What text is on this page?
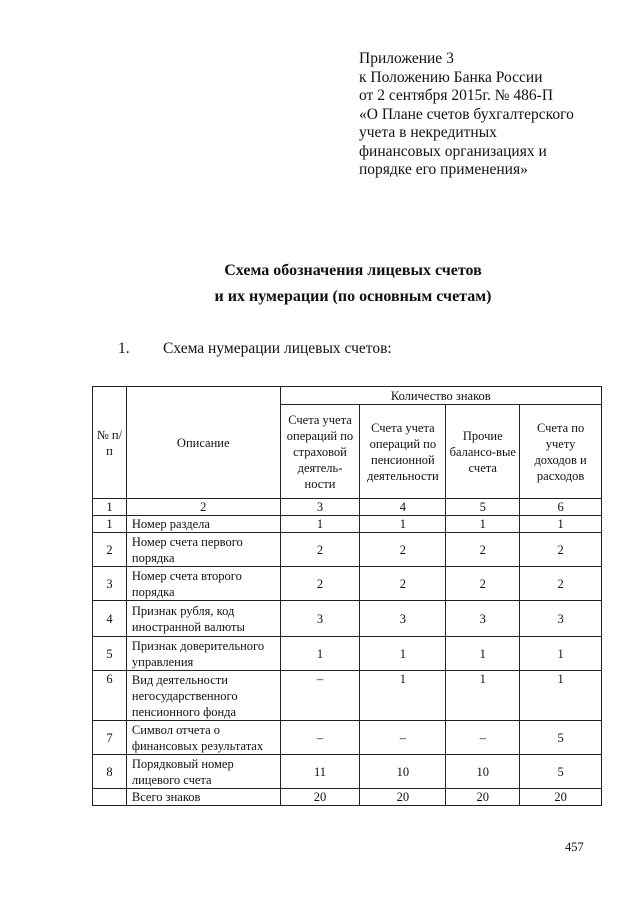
Приложение 3
к Положению Банка России
от 2 сентября 2015г. № 486-П
«О Плане счетов бухгалтерского
учета в некредитных
финансовых организациях и
порядке его применения»
Схема обозначения лицевых счетов
и их нумерации (по основным счетам)
1. Схема нумерации лицевых счетов:
№ п/п	Описание	Количество знаков			
		Счета учета операций по страховой деятель-ности	Счета учета операций по пенсионной деятельности	Прочие балансо-вые счета	Счета по учету доходов и расходов
1	2	3	4	5	6
1	Номер раздела	1	1	1	1
2	Номер счета первого порядка	2	2	2	2
3	Номер счета второго порядка	2	2	2	2
4	Признак рубля, код иностранной валюты	3	3	3	3
5	Признак доверительного управления	1	1	1	1
6	Вид деятельности негосударственного пенсионного фонда	–	1	1	1
7	Символ отчета о финансовых результатах	–	–	–	5
8	Порядковый номер лицевого счета	11	10	10	5
	Всего знаков	20	20	20	20
457
